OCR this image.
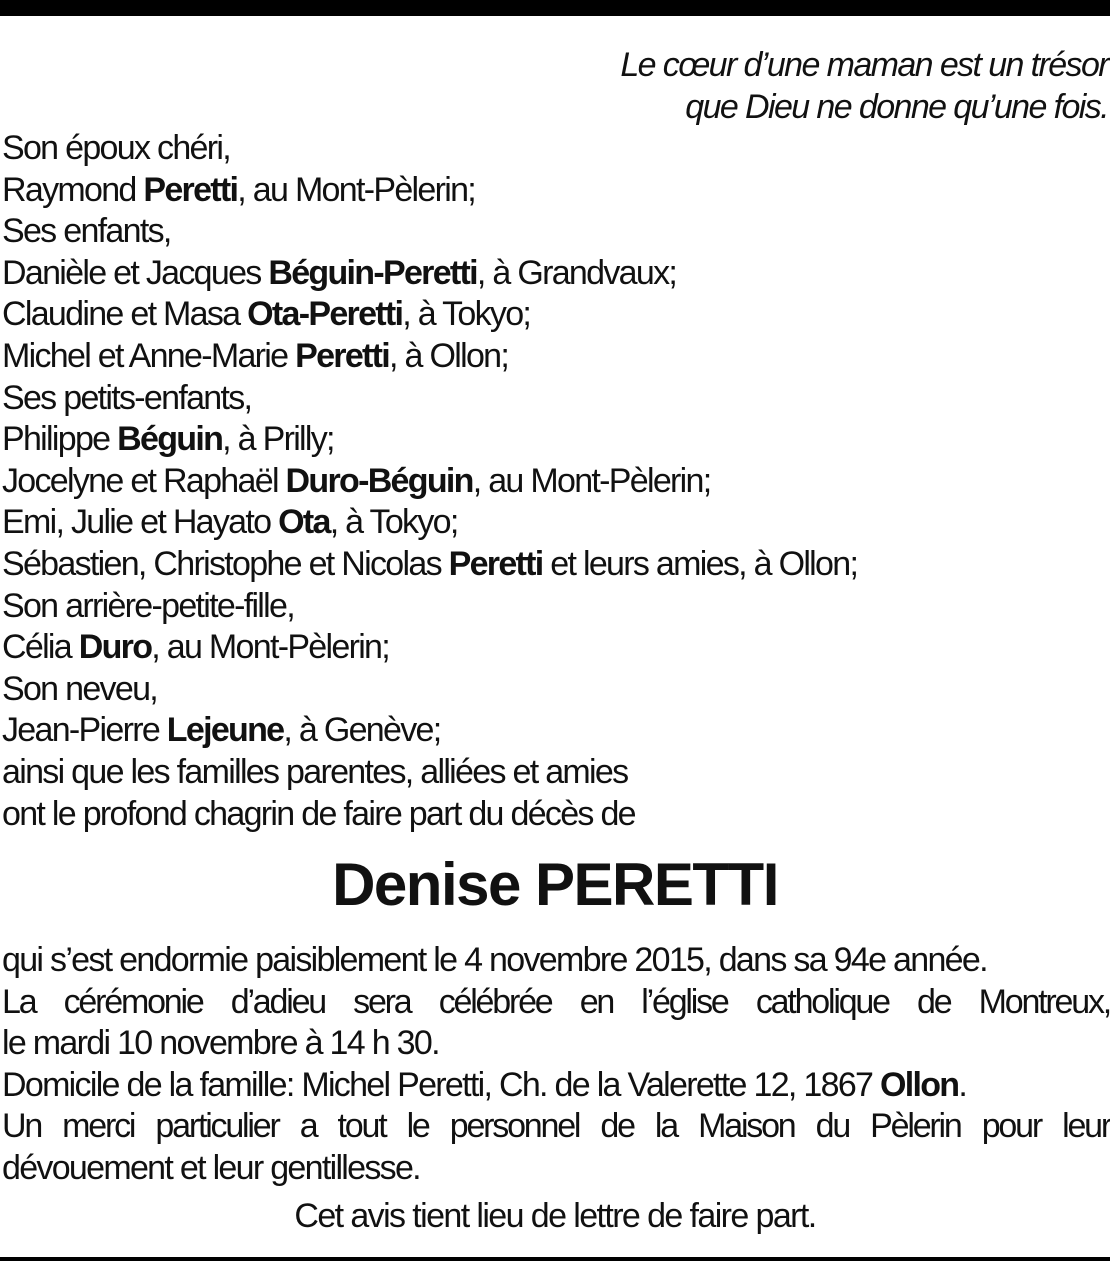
Le cœur d’une maman est un trésor
que Dieu ne donne qu’une fois.
Son époux chéri,
Raymond Peretti, au Mont-Pèlerin;
Ses enfants,
Danièle et Jacques Béguin-Peretti, à Grandvaux;
Claudine et Masa Ota-Peretti, à Tokyo;
Michel et Anne-Marie Peretti, à Ollon;
Ses petits-enfants,
Philippe Béguin, à Prilly;
Jocelyne et Raphaël Duro-Béguin, au Mont-Pèlerin;
Emi, Julie et Hayato Ota, à Tokyo;
Sébastien, Christophe et Nicolas Peretti et leurs amies, à Ollon;
Son arrière-petite-fille,
Célia Duro, au Mont-Pèlerin;
Son neveu,
Jean-Pierre Lejeune, à Genève;
ainsi que les familles parentes, alliées et amies
ont le profond chagrin de faire part du décès de
Denise PERETTI
qui s’est endormie paisiblement le 4 novembre 2015, dans sa 94e année.
La cérémonie d’adieu sera célébrée en l’église catholique de Montreux,
le mardi 10 novembre à 14 h 30.
Domicile de la famille: Michel Peretti, Ch. de la Valerette 12, 1867 Ollon.
Un merci particulier a tout le personnel de la Maison du Pèlerin pour leur
dévouement et leur gentillesse.
Cet avis tient lieu de lettre de faire part.
